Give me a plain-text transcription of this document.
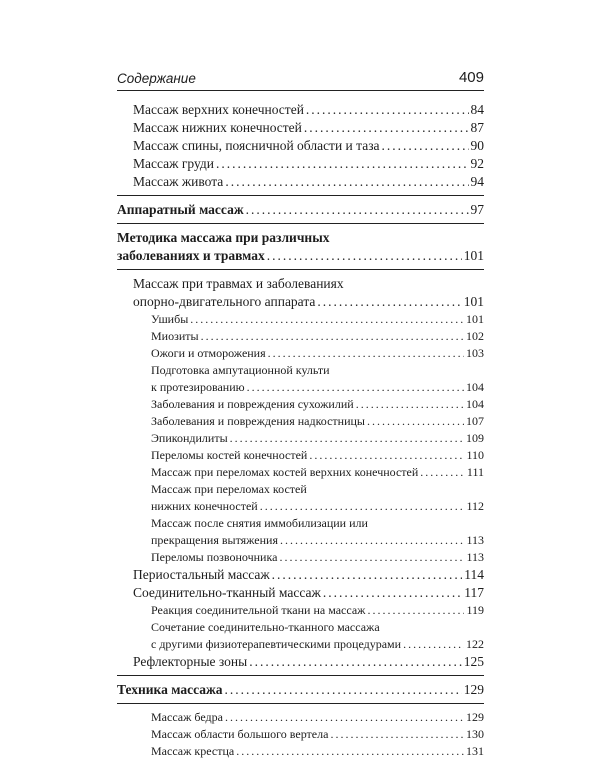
Содержание	409
Массаж верхних конечностей .....	84
Массаж нижних конечностей .....	87
Массаж спины, поясничной области и таза .....	90
Массаж груди .....	92
Массаж живота .....	94
Аппаратный массаж .....	97
Методика массажа при различных
заболеваниях и травмах .....	101
Массаж при травмах и заболеваниях
опорно-двигательного аппарата .....	101
Ушибы .....	101
Миозиты .....	102
Ожоги и отморожения .....	103
Подготовка ампутационной культи
к протезированию .....	104
Заболевания и повреждения сухожилий .....	104
Заболевания и повреждения надкостницы .....	107
Эпикондилиты .....	109
Переломы костей конечностей .....	110
Массаж при переломах костей верхних конечностей .....	111
Массаж при переломах костей
нижних конечностей .....	112
Массаж после снятия иммобилизации или
прекращения вытяжения .....	113
Переломы позвоночника .....	113
Периостальный массаж .....	114
Соединительно-тканный массаж .....	117
Реакция соединительной ткани на массаж .....	119
Сочетание соединительно-тканного массажа
с другими физиотерапевтическими процедурами .....	122
Рефлекторные зоны .....	125
Техника массажа .....	129
Массаж бедра .....	129
Массаж области большого вертела .....	130
Массаж крестца .....	131
